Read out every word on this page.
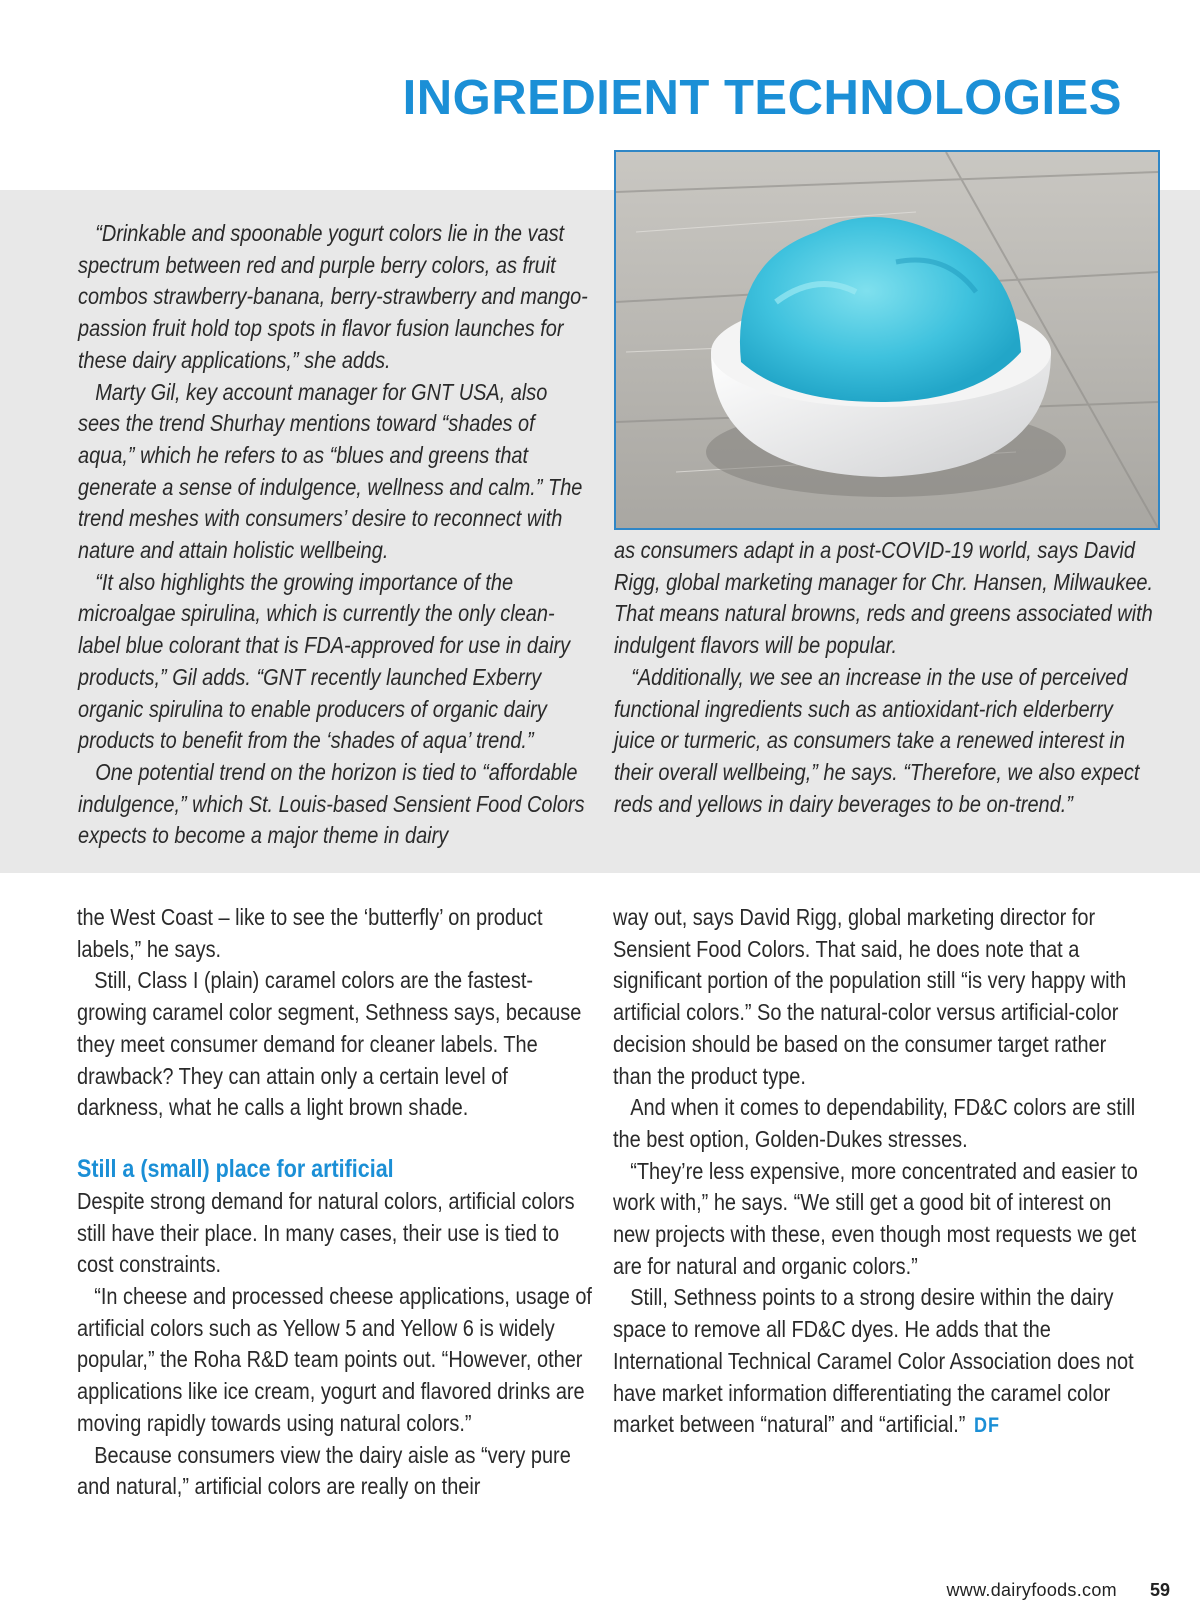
INGREDIENT TECHNOLOGIES

“Drinkable and spoonable yogurt colors lie in the vast spectrum between red and purple berry colors, as fruit combos strawberry-banana, berry-strawberry and mango-passion fruit hold top spots in flavor fusion launches for these dairy applications,” she adds.

Marty Gil, key account manager for GNT USA, also sees the trend Shurhay mentions toward “shades of aqua,” which he refers to as “blues and greens that generate a sense of indulgence, wellness and calm.” The trend meshes with consumers’ desire to reconnect with nature and attain holistic wellbeing.

“It also highlights the growing importance of the microalgae spirulina, which is currently the only clean-label blue colorant that is FDA-approved for use in dairy products,” Gil adds. “GNT recently launched Exberry organic spirulina to enable producers of organic dairy products to benefit from the ‘shades of aqua’ trend.”

One potential trend on the horizon is tied to “affordable indulgence,” which St. Louis-based Sensient Food Colors expects to become a major theme in dairy

as consumers adapt in a post-COVID-19 world, says David Rigg, global marketing manager for Chr. Hansen, Milwaukee. That means natural browns, reds and greens associated with indulgent flavors will be popular.

“Additionally, we see an increase in the use of perceived functional ingredients such as antioxidant-rich elderberry juice or turmeric, as consumers take a renewed interest in their overall wellbeing,” he says. “Therefore, we also expect reds and yellows in dairy beverages to be on-trend.”

the West Coast – like to see the ‘butterfly’ on product labels,” he says.

Still, Class I (plain) caramel colors are the fastest-growing caramel color segment, Sethness says, because they meet consumer demand for cleaner labels. The drawback? They can attain only a certain level of darkness, what he calls a light brown shade.

Still a (small) place for artificial

Despite strong demand for natural colors, artificial colors still have their place. In many cases, their use is tied to cost constraints.

“In cheese and processed cheese applications, usage of artificial colors such as Yellow 5 and Yellow 6 is widely popular,” the Roha R&D team points out. “However, other applications like ice cream, yogurt and flavored drinks are moving rapidly towards using natural colors.”

Because consumers view the dairy aisle as “very pure and natural,” artificial colors are really on their

way out, says David Rigg, global marketing director for Sensient Food Colors. That said, he does note that a significant portion of the population still “is very happy with artificial colors.” So the natural-color versus artificial-color decision should be based on the consumer target rather than the product type.

And when it comes to dependability, FD&C colors are still the best option, Golden-Dukes stresses.

“They’re less expensive, more concentrated and easier to work with,” he says. “We still get a good bit of interest on new projects with these, even though most requests we get are for natural and organic colors.”

Still, Sethness points to a strong desire within the dairy space to remove all FD&C dyes. He adds that the International Technical Caramel Color Association does not have market information differentiating the caramel color market between “natural” and “artificial.” DF

www.dairyfoods.com 59
